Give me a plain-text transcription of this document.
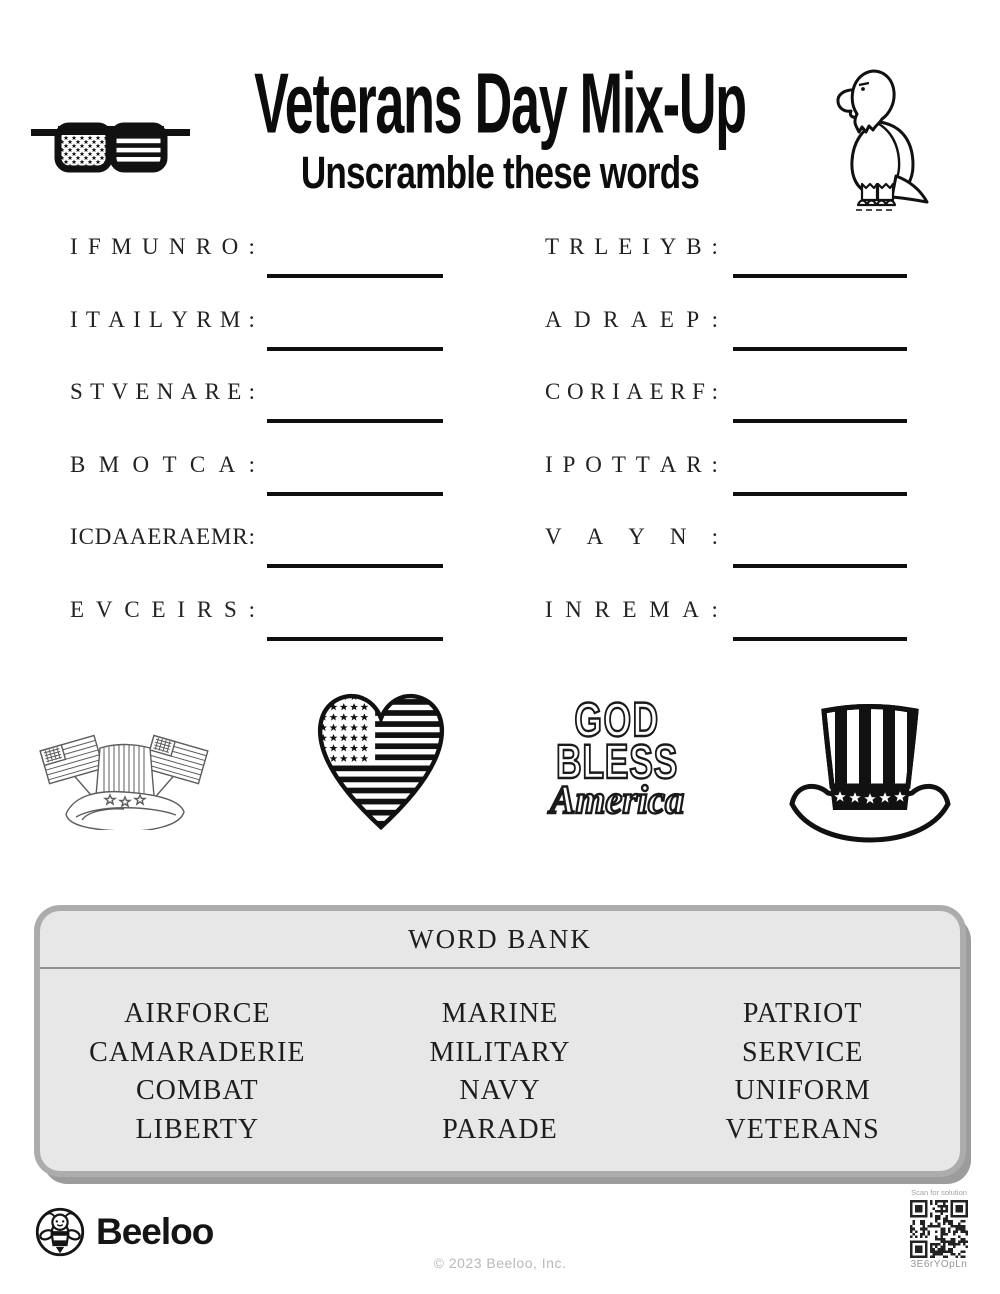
Veterans Day Mix-Up
Unscramble these words
I F M U N R O :
I T A I L Y R M :
S T V E N A R E :
B M O T C A :
I C D A A E R A E M R :
E V C E I R S :
T R L E I Y B :
A D R A E P :
C O R I A E R F :
I P O T T A R :
V A Y N :
I N R E M A :
GOD
BLESS
America
WORD BANK
AIRFORCE
CAMARADERIE
COMBAT
LIBERTY
MARINE
MILITARY
NAVY
PARADE
PATRIOT
SERVICE
UNIFORM
VETERANS
Beeloo
© 2023 Beeloo, Inc.
Scan for solution
3E6rYOpLn
